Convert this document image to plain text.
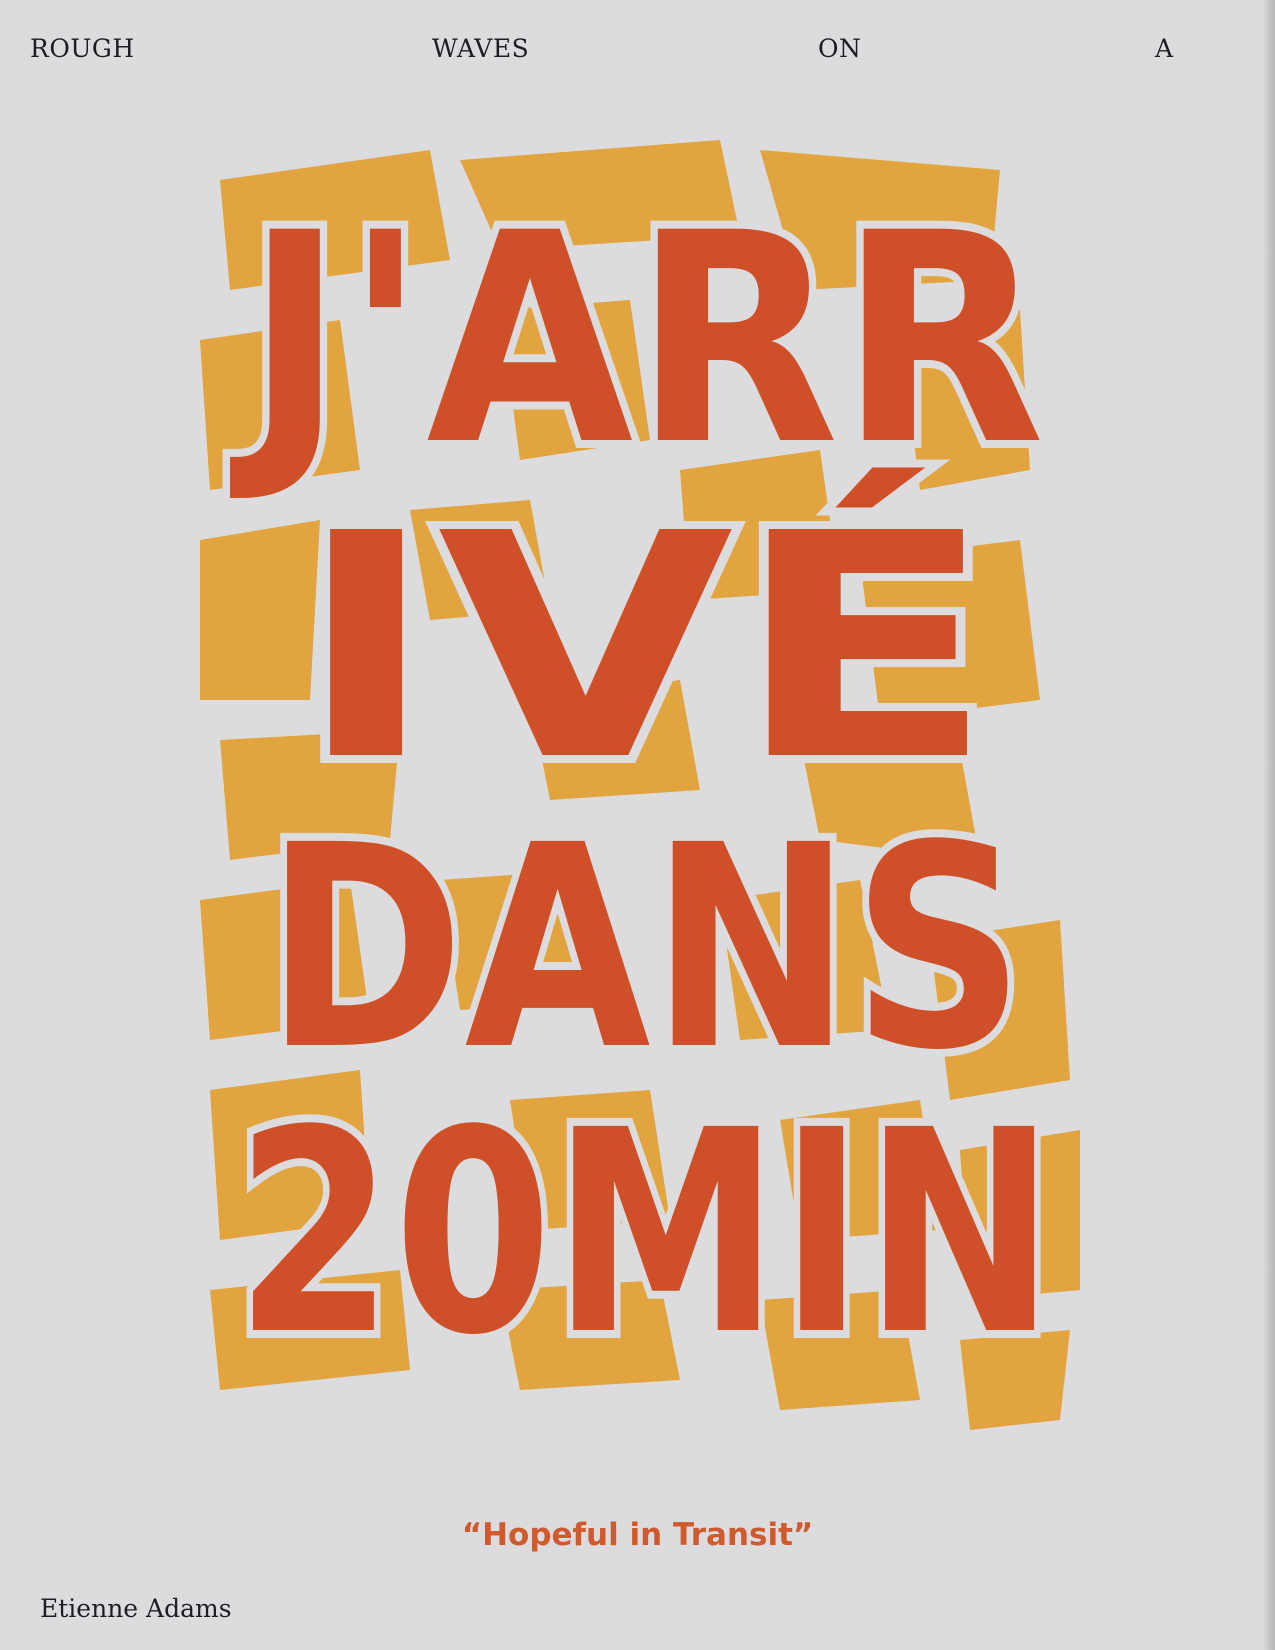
ROUGH	WAVES	ON	A
J'ARR
IVÉ
DANS
20MIN
“Hopeful in Transit”
Etienne Adams
